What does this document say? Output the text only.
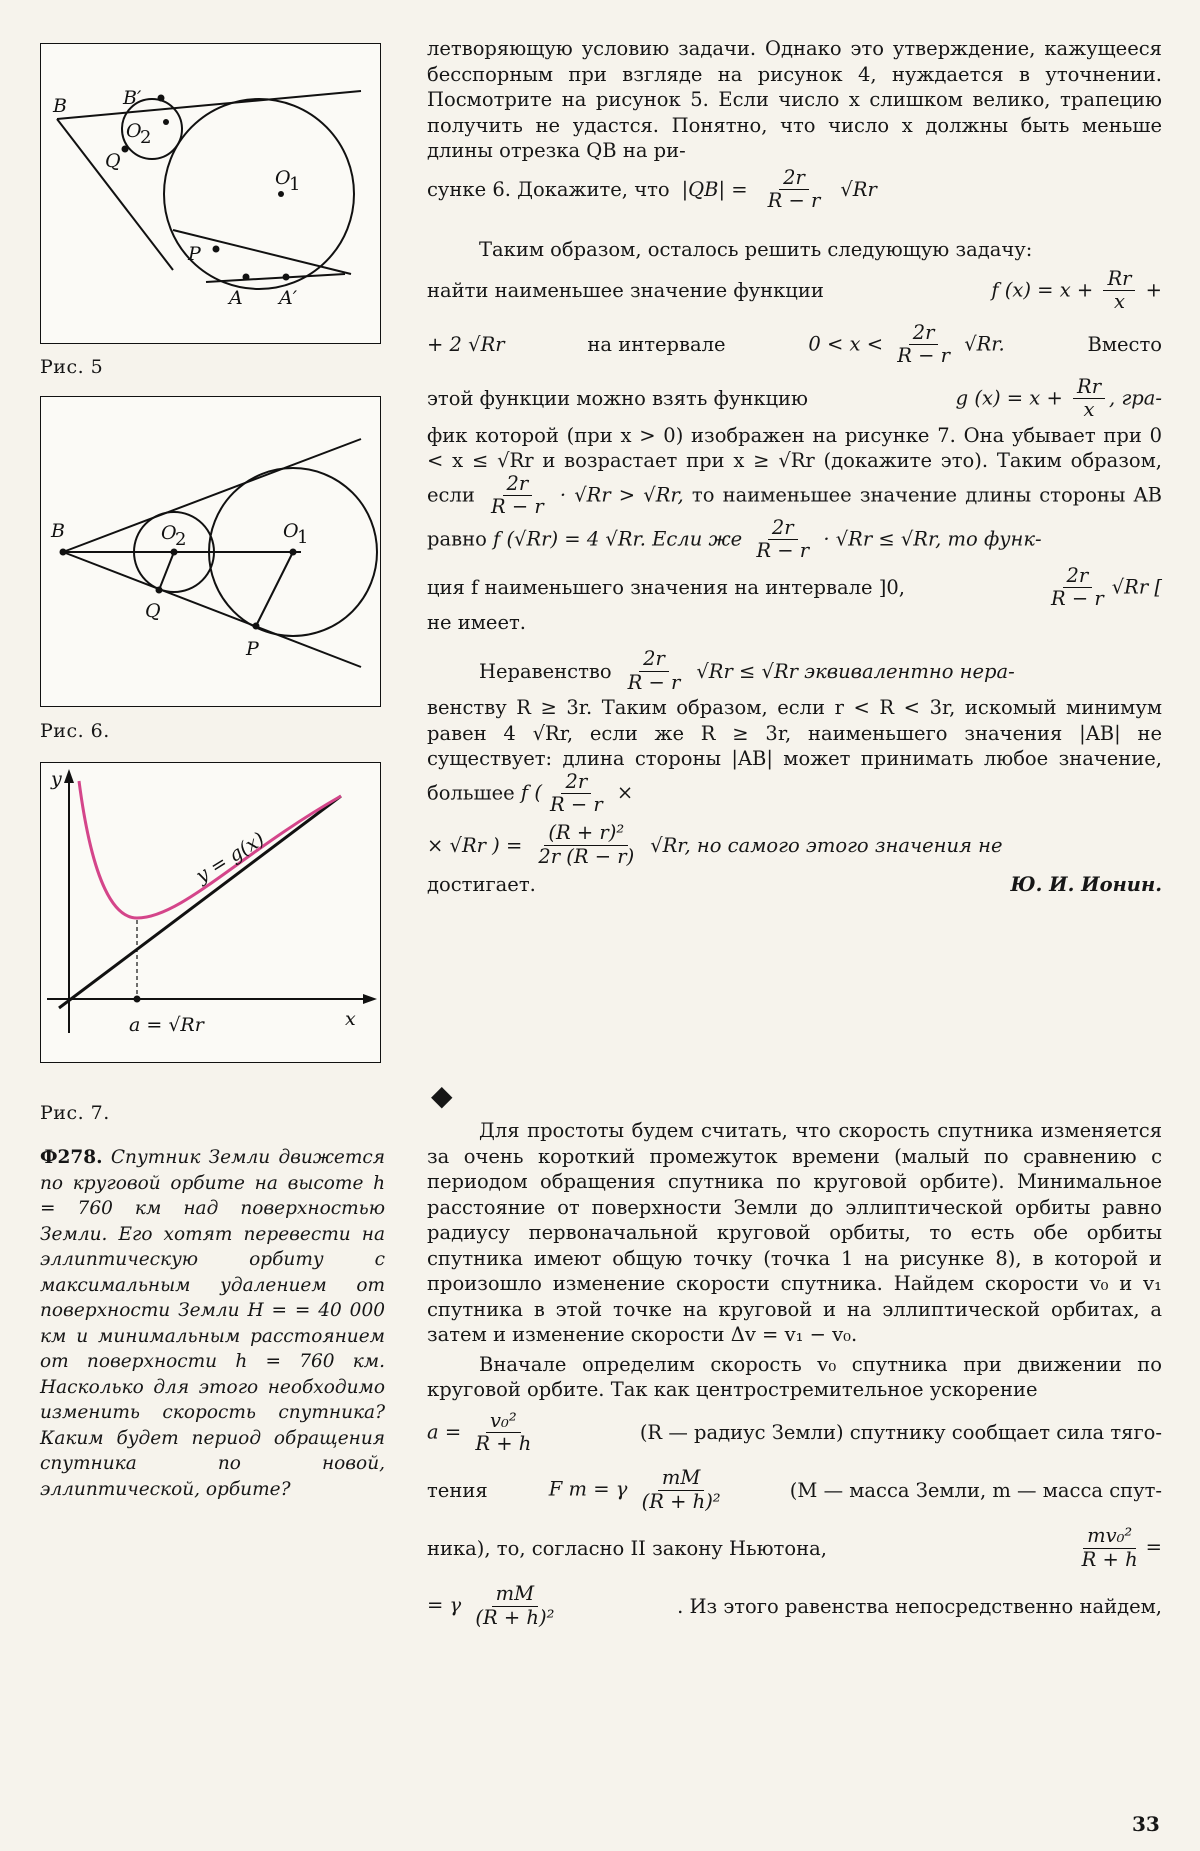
B	B′
O
2
O
1
Q
P
A A′
Рис. 5
B	O
2	O
1
Q
P
Рис. 6.
y
x
y = g(x)
a = √Rr
Рис. 7.
Ф278. Спутник Земли движется по круговой орбите на высоте h = 760 км над поверхностью Земли. Его хотят перевести на эллиптическую орбиту с максимальным удалением от поверхности Земли H = = 40 000 км и минимальным расстоянием от поверхности h = 760 км. Насколько для этого необходимо изменить скорость спутника? Каким будет период обращения спутника по новой, эллиптической, орбите?

летворяющую условию задачи. Однако это утверждение, кажущееся бесспорным при взгляде на рисунок 4, нуждается в уточнении. Посмотрите на рисунок 5. Если число x слишком велико, трапецию получить не удастся. Понятно, что число x должны быть меньше длины отрезка QB на ри-

сунке 6. Докажите, что $|QB| = \frac{2r}{R - r} √Rr$

Таким образом, осталось решить следующую задачу:

найти наименьшее значение функции	f $(x) = x + \frac{Rr}{x}$ +
+ 2 √Rr	на интервале	$0 < x < \frac{2r}{R - r} √Rr$.	Вместо
этой функции можно взять функцию	g $(x) = x + \frac{Rr}{x}$ , гра-

фик которой (при x > 0) изображен на рисунке 7. Она убывает при 0 < x ≤ √Rr и возрастает при x ≥ √Rr (докажите это). Таким образом, если $\frac{2r}{R - r} \cdot √Rr > √Rr$, то наименьшее значение длины стороны AB равно f (√Rr) = 4 √Rr. Если же $\frac{2r}{R - r} \cdot √Rr \le √Rr$, то функ-

ция f наименьшего значения на интервале ]0,	$\frac{2r}{R - r} √Rr$ [

не имеет.

Неравенство $\frac{2r}{R - r} √Rr \le √Rr$ эквивалентно нера-

венству R ≥ 3r. Таким образом, если r < R < 3r, искомый минимум равен 4 √Rr, если же R ≥ 3r, наименьшего значения |AB| не существует: длина стороны |AB| может принимать любое значение, большее f ( $\frac{2r}{R - r}$ ×

× √Rr ) = $\frac{\text{(R + r)²}}{2r (R - r)} √Rr$, но самого этого значения не
достигает.	Ю. И. Ионин.
◆

Для простоты будем считать, что скорость спутника изменяется за очень короткий промежуток времени (малый по сравнению с периодом обращения спутника по круговой орбите). Минимальное расстояние от поверхности Земли до эллиптической орбиты равно радиусу первоначальной круговой орбиты, то есть обе орбиты спутника имеют общую точку (точка 1 на рисунке 8), в которой и произошло изменение скорости спутника. Найдем скорости v₀ и v₁ спутника в этой точке на круговой и на эллиптической орбитах, а затем и изменение скорости Δv = v₁ − v₀.

Вначале определим скорость v₀ спутника при движении по круговой орбите. Так как центростремительное ускорение

$a = \frac{\text{v₀²}}{R + h}$	(R — радиус Земли) спутнику сообщает сила тяго-
тения	F т = γ $\frac{mM}{\text{(R + h)²}}$	(M — масса Земли, m — масса спут-
ника), то, согласно II закону Ньютона,	$\frac{\text{mv₀²}}{R + h}$ =
= γ $\frac{mM}{\text{(R + h)²}}$	. Из этого равенства непосредственно найдем,
33
